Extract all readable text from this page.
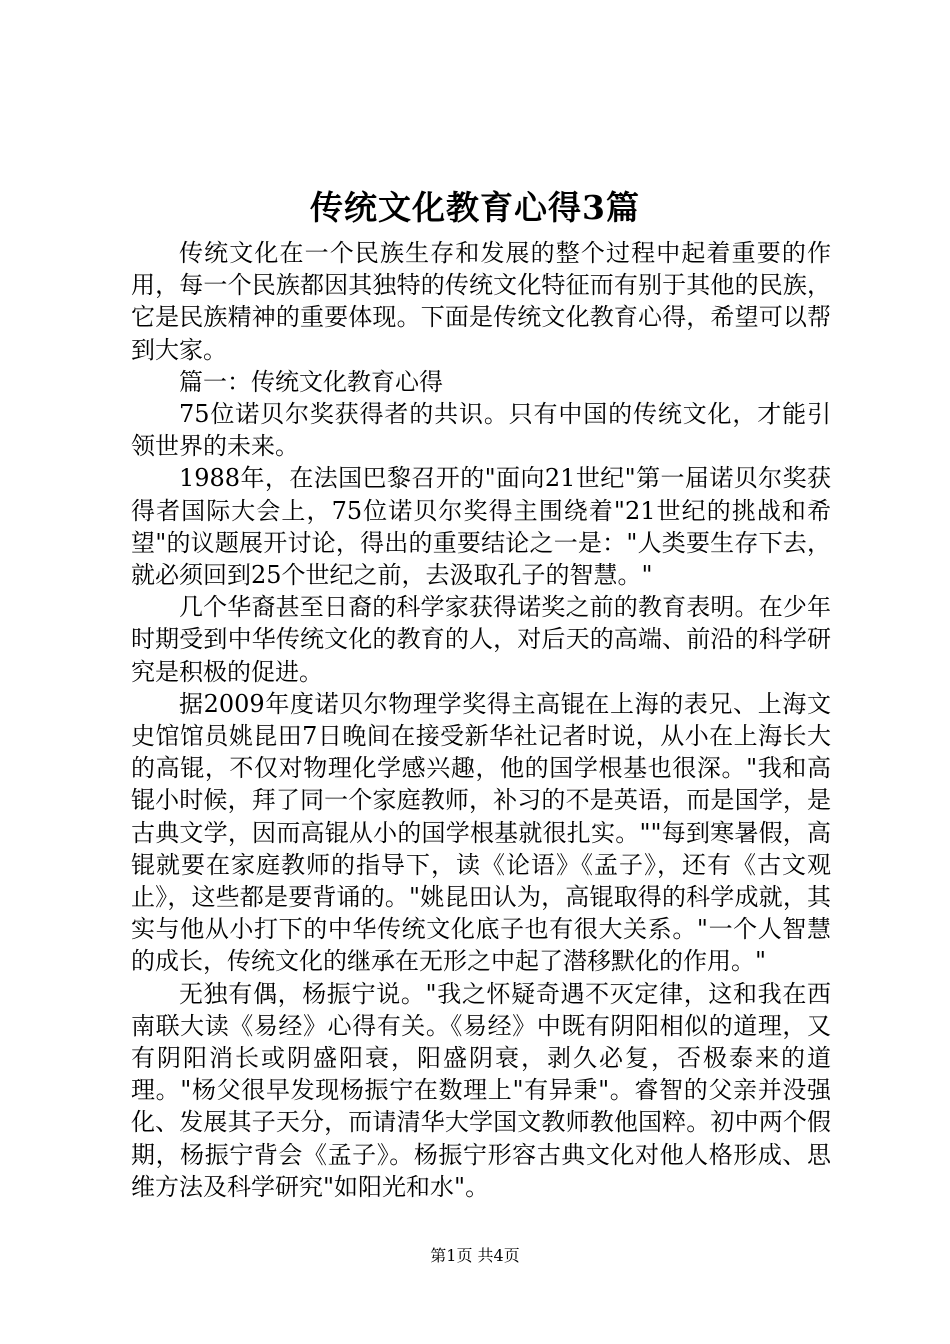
传统文化教育心得3篇

传统文化在一个民族生存和发展的整个过程中起着重要的作用，每一个民族都因其独特的传统文化特征而有别于其他的民族，它是民族精神的重要体现。下面是传统文化教育心得，希望可以帮到大家。

篇一：传统文化教育心得

75位诺贝尔奖获得者的共识。只有中国的传统文化，才能引领世界的未来。

1988年，在法国巴黎召开的"面向21世纪"第一届诺贝尔奖获得者国际大会上，75位诺贝尔奖得主围绕着"21世纪的挑战和希望"的议题展开讨论，得出的重要结论之一是："人类要生存下去，就必须回到25个世纪之前，去汲取孔子的智慧。"

几个华裔甚至日裔的科学家获得诺奖之前的教育表明。在少年时期受到中华传统文化的教育的人，对后天的高端、前沿的科学研究是积极的促进。

据2009年度诺贝尔物理学奖得主高锟在上海的表兄、上海文史馆馆员姚昆田7日晚间在接受新华社记者时说，从小在上海长大的高锟，不仅对物理化学感兴趣，他的国学根基也很深。"我和高锟小时候，拜了同一个家庭教师，补习的不是英语，而是国学，是古典文学，因而高锟从小的国学根基就很扎实。""每到寒暑假，高锟就要在家庭教师的指导下，读《论语》《孟子》，还有《古文观止》，这些都是要背诵的。"姚昆田认为，高锟取得的科学成就，其实与他从小打下的中华传统文化底子也有很大关系。"一个人智慧的成长，传统文化的继承在无形之中起了潜移默化的作用。"

无独有偶，杨振宁说。"我之怀疑奇遇不灭定律，这和我在西南联大读《易经》心得有关。《易经》中既有阴阳相似的道理，又有阴阳消长或阴盛阳衰，阳盛阴衰，剥久必复，否极泰来的道理。"杨父很早发现杨振宁在数理上"有异秉"。睿智的父亲并没强化、发展其子天分，而请清华大学国文教师教他国粹。初中两个假期，杨振宁背会《孟子》。杨振宁形容古典文化对他人格形成、思维方法及科学研究"如阳光和水"。

第1页 共4页
